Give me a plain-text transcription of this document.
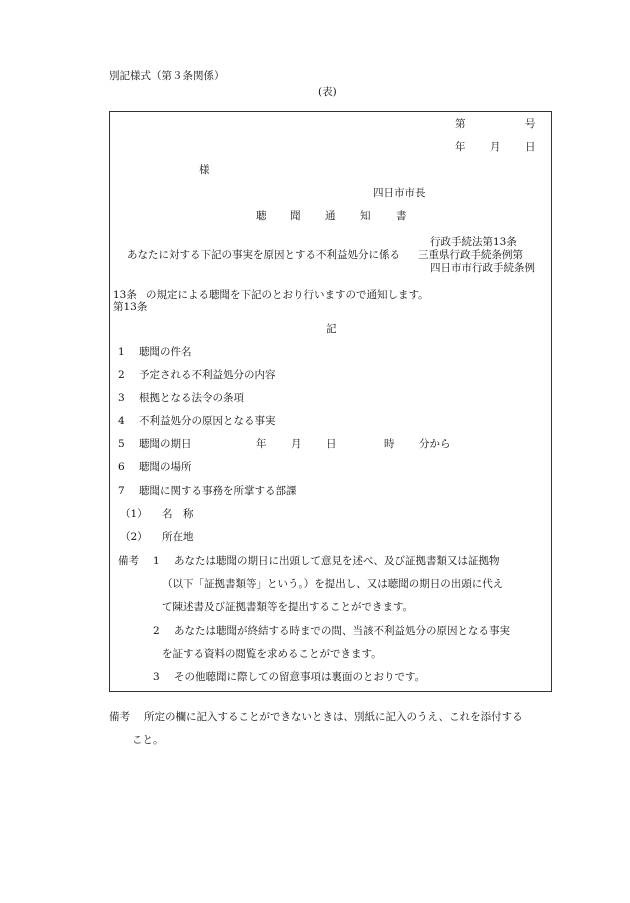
別記様式（第３条関係）
(表)
第	号
年 月 日
様
四日市市長
聴 聞 通 知 書
あなたに対する下記の事実を原因とする不利益処分に係る
行政手続法第13条
三重県行政手続条例第
四日市市行政手続条例
13条 の規定による聴聞を下記のとおり行いますので通知します。
第13条
記
1 聴聞の件名
2 予定される不利益処分の内容
3 根拠となる法令の条項
4 不利益処分の原因となる事実
5 聴聞の期日	年 月 日	時 分から
6 聴聞の場所
7 聴聞に関する事務を所掌する部課
（1） 名　称
（2） 所在地
備考 1 あなたは聴聞の期日に出頭して意見を述べ、及び証拠書類又は証拠物
（以下「証拠書類等」という。）を提出し、又は聴聞の期日の出頭に代え
て陳述書及び証拠書類等を提出することができます。
2 あなたは聴聞が終結する時までの間、当該不利益処分の原因となる事実
を証する資料の閲覧を求めることができます。
3 その他聴聞に際しての留意事項は裏面のとおりです。
備考 所定の欄に記入することができないときは、別紙に記入のうえ、これを添付する
こと。
